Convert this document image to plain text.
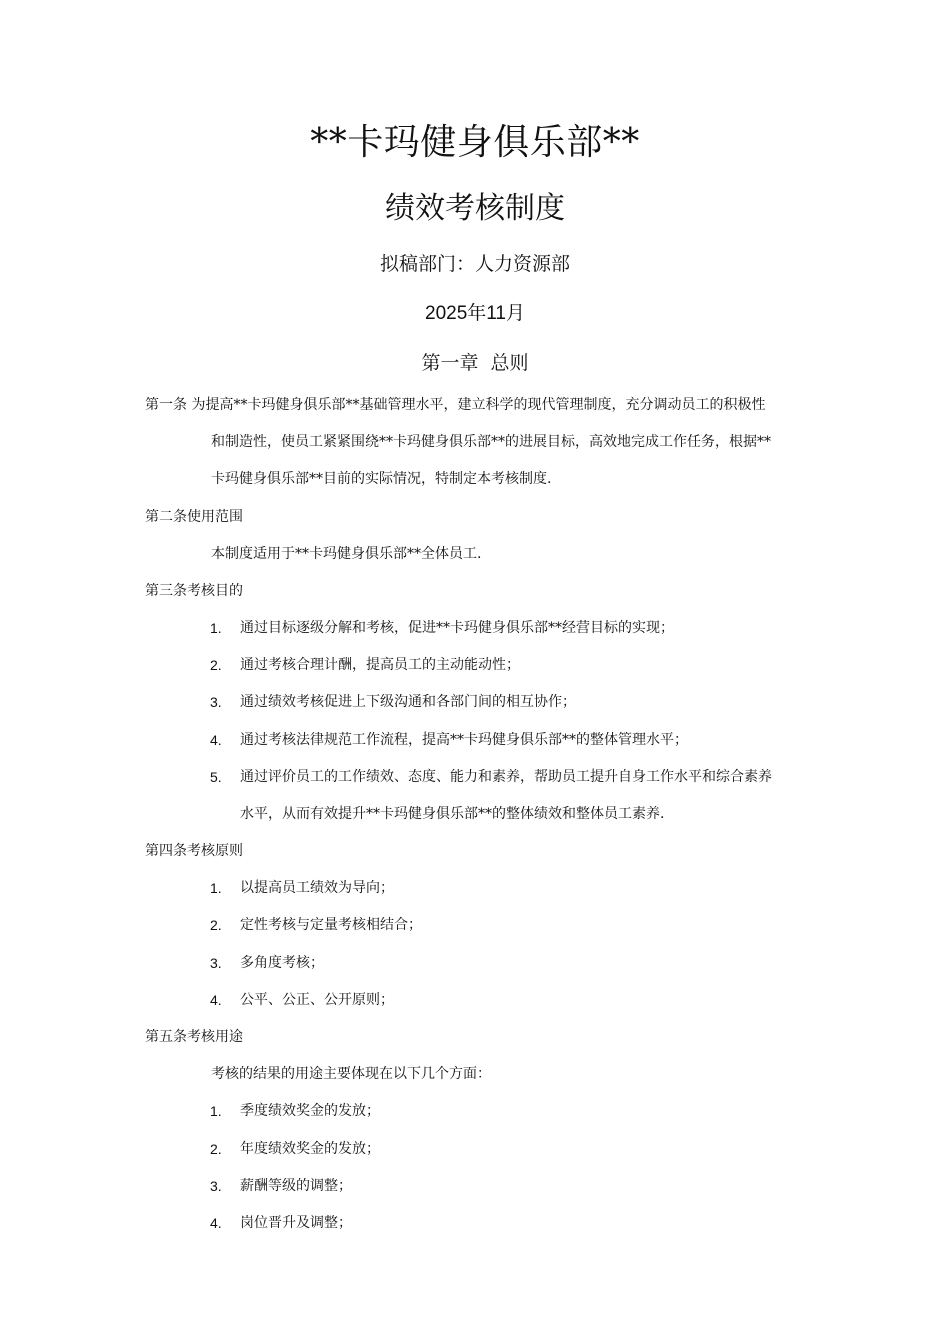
**卡玛健身俱乐部**
绩效考核制度
拟稿部门：人力资源部
2025年11月
第一章 总则
第一条 为提高**卡玛健身俱乐部**基础管理水平，建立科学的现代管理制度，充分调动员工的积极性
和制造性，使员工紧紧围绕**卡玛健身俱乐部**的进展目标，高效地完成工作任务，根据**
卡玛健身俱乐部**目前的实际情况，特制定本考核制度.
第二条使用范围
本制度适用于**卡玛健身俱乐部**全体员工.
第三条考核目的
1. 通过目标逐级分解和考核，促进**卡玛健身俱乐部**经营目标的实现；
2. 通过考核合理计酬，提高员工的主动能动性；
3. 通过绩效考核促进上下级沟通和各部门间的相互协作；
4. 通过考核法律规范工作流程，提高**卡玛健身俱乐部**的整体管理水平；
5. 通过评价员工的工作绩效、态度、能力和素养，帮助员工提升自身工作水平和综合素养
水平，从而有效提升**卡玛健身俱乐部**的整体绩效和整体员工素养.
第四条考核原则
1. 以提高员工绩效为导向；
2. 定性考核与定量考核相结合；
3. 多角度考核；
4. 公平、公正、公开原则；
第五条考核用途
考核的结果的用途主要体现在以下几个方面：
1. 季度绩效奖金的发放；
2. 年度绩效奖金的发放；
3. 薪酬等级的调整；
4. 岗位晋升及调整；
